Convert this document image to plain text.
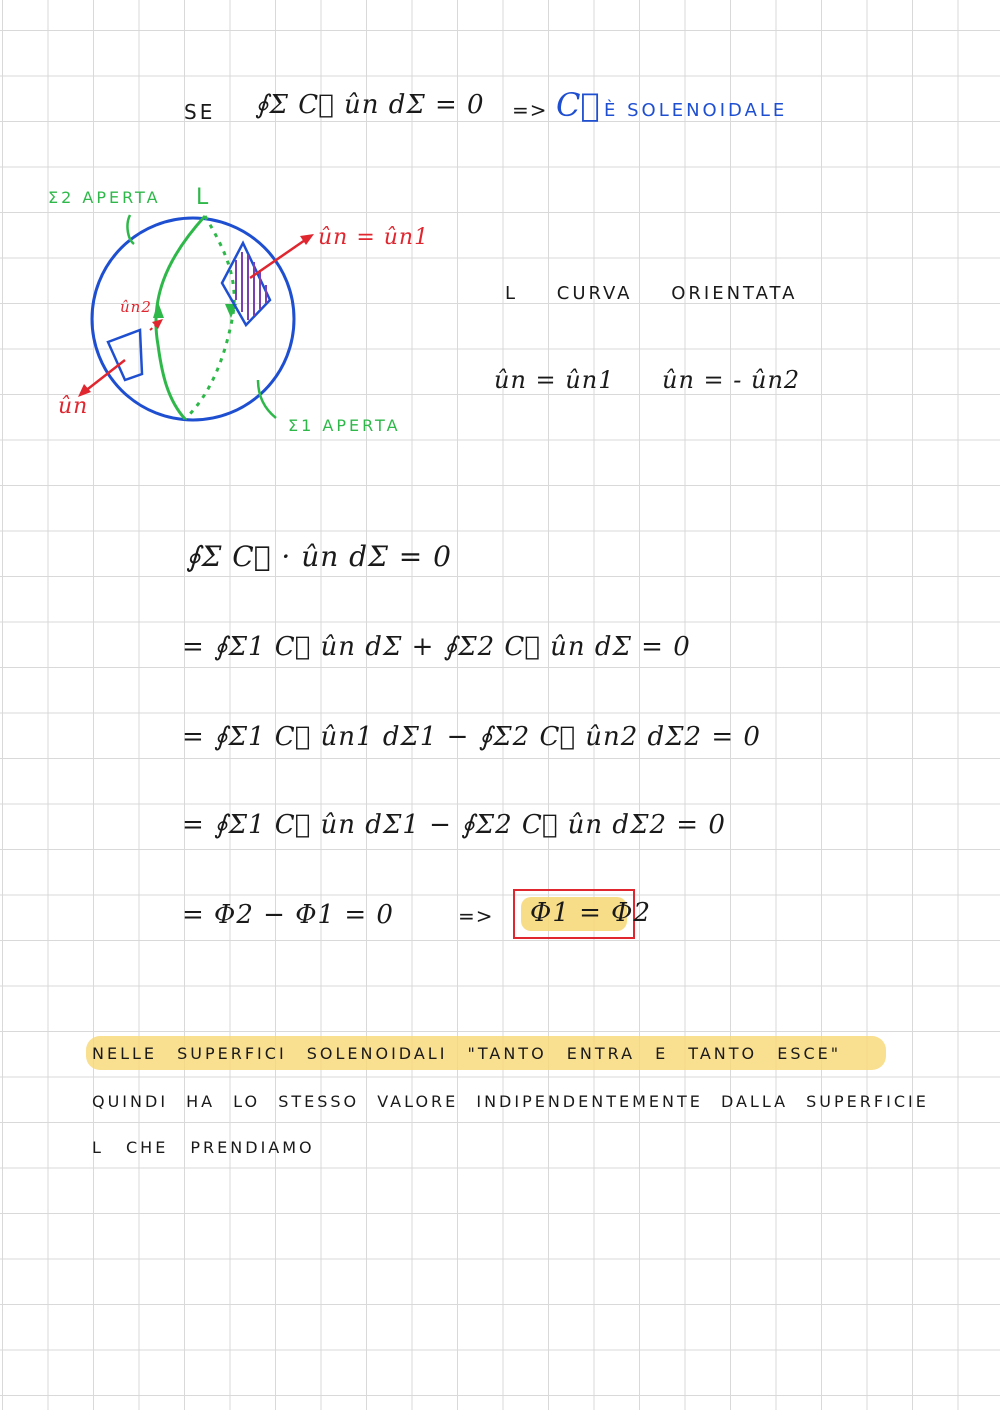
SE ∮Σ C⃗ ûn dΣ = 0 => C⃗ È SOLENOIDALE
Σ2 APERTA L
ûn = ûn1
ûn2
ûn
Σ1 APERTA
L CURVA ORIENTATA
ûn = ûn1 ûn = - ûn2
∮Σ C⃗ · ûn dΣ = 0
= ∮Σ1 C⃗ ûn dΣ + ∮Σ2 C⃗ ûn dΣ = 0
= ∮Σ1 C⃗ ûn1 dΣ1 − ∮Σ2 C⃗ ûn2 dΣ2 = 0
= ∮Σ1 C⃗ ûn dΣ1 − ∮Σ2 C⃗ ûn dΣ2 = 0
= Φ2 − Φ1 = 0	=> Φ1 = Φ2
NELLE SUPERFICI SOLENOIDALI "TANTO ENTRA E TANTO ESCE"
QUINDI HA LO STESSO VALORE INDIPENDENTEMENTE DALLA SUPERFICIE
L CHE PRENDIAMO
